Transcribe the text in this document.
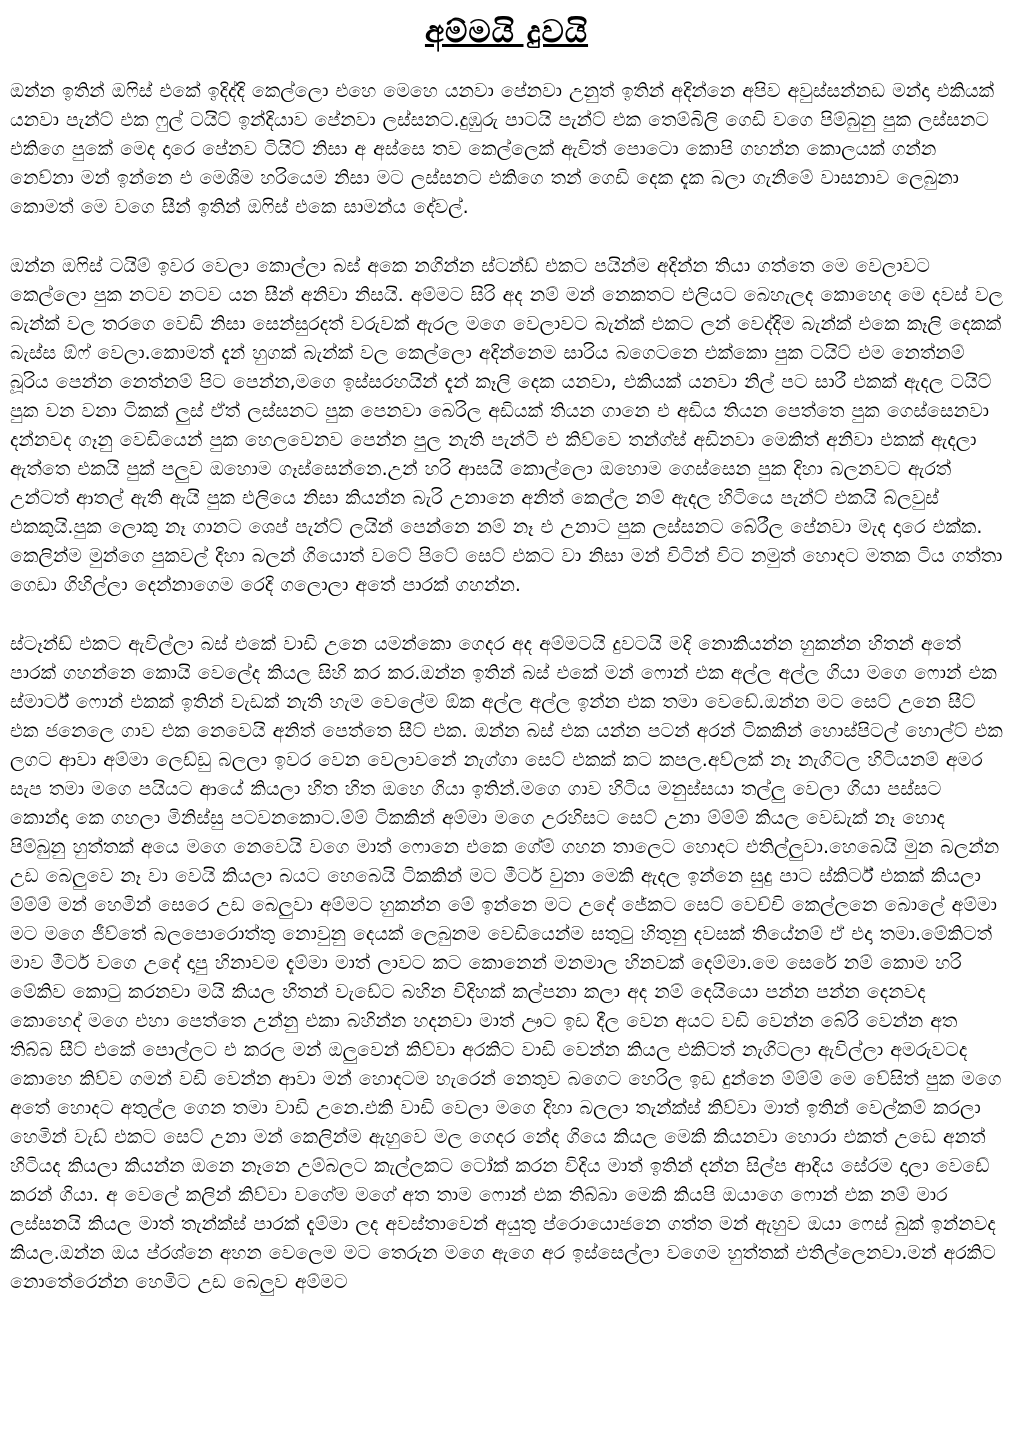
අම්මයි දුවයි

ඔන්න ඉතින් ඔෆිස් එකේ ඉදිද්දි කෙල්ලො එහෙ මෙහෙ යනවා පේනවා උනුත් ඉතින් අදින්නෙ අපිව අවුස්සන්නඩ මන්දා එකියක් යනවා පැන්ට් එක ෆුල් ටයිට් ඉන්දියාව පේනවා ලස්සනට.දුඹුරු පාටයි පැන්ට් එක තෙම්බිලි ගෙඩි වගෙ පිම්බුනු පුක ලස්සනට එකිගෙ පුකේ මෙද දාරෙ පේනව ටියිට් නිසා අ අස්සෙ තව කෙල්ලෙක් ඇවිත් පොටො කොපි ගහන්න කොලයක් ගන්න නෙව්නා මන් ඉන්නෙ එ මෙශිම හරියෙම නිසා මට ලස්සනට එකිගෙ තන් ගෙඩි දෙක දැක බලා ගැනිමේ වාසනාව ලෙබුනා කොමත් මෙ වගෙ සීන් ඉතින් ඔෆිස් එකෙ සාමන්ය දේවල්.

ඔන්න ඔෆිස් ටයිම් ඉවර වෙලා කොල්ලා බස් අකෙ නගින්න ස්ටන්ඩ් එකට පයින්ම අදින්න තියා ගත්තෙ මෙ වෙලාවට කෙල්ලො පුක නටව නටව යන සීන් අනිවා නිසයි. අම්මට සිරි අද නම් මන් නෙකතට එලියට බෙහැලද කොහෙද මෙ දවස් වල බැන්ක් වල තරගෙ වෙඩි නිසා සෙන්සුරදත් වරුවක් ඇරල මගෙ වෙලාවට බැන්ක් එකට ලන් වෙද්දිම බැන්ක් එකෙ කෑලි දෙකක් බැස්ස ඕෆ් වෙලා.කොමත් දැන් හුගක් බැන්ක් වල කෙල්ලො අදින්නෙම සාරිය බගෙටනෙ එක්කො පුක ටයිට් එම නෙත්නම් බූරිය පෙන්න නෙත්නම් පිට පෙන්න,මගෙ ඉස්සරහයින් දැන් කෑලි දෙක යනවා, එකියක් යනවා නිල් පට සාරී එකක් ඇදල ටයිට් පුක වන වනා ටිකක් ලුස් ඒත් ලස්සනට පුක පෙනවා බෙරිල අඩියක් තියන ගානෙ එ අඩිය තියන පෙත්තෙ පුක ගෙස්සෙනවා දන්නවද ගෑනු වෙඩියෙන් පුක හෙලවෙනව පෙන්න පුල නැති පැන්ටි එ කිව්වෙ තන්ග්ස් අඩිනවා මෙකිත් අනිවා එකක් ඇදලා ඇත්තෙ එකයි පුක් පලුව ඔහොම ගෑස්සෙන්නෙ.උන් හරි ආසයි කොල්ලො ඔහොම ගෙස්සෙන පුක දිහා බලනවට ඇරත් උන්ටත් ආතල් ඇති ඇයි පුක එලියෙ නිසා කියන්න බැරි උනානෙ අනිත් කෙල්ල නම් ඇදල හිටියෙ පැන්ට් එකයි බ්ලවුස් එකකුයි.පුක ලොකු නෑ ගානට ශෙප් පැන්ට් ලයින් පෙන්නෙ නම් නෑ එ උනාට පුක ලස්සනට බේරීල පේනවා මැද දාරෙ එක්ක. කෙලින්ම මුන්ගෙ පුකවල් දිහා බලන් ගියොත් වටේ පිටේ සෙට් එකට වා නිසා මන් විටින් විට නමුත් හොදට මතක ටිය ගත්තා ගෙඩා ගිහිල්ලා දෙන්නාගෙම රෙදි ගලොලා අතේ පාරක් ගහන්න.

ස්ටෑන්ඩ් එකට ඇවිල්ලා බස් එකේ වාඩි උනෙ යමන්කො ගෙදර අද අම්මටයි දුවටයි මදි නොකියන්න හුකන්න හිතන් අතේ පාරක් ගහන්නෙ කොයි වෙලේද කියල සිහි කර කර.ඔන්න ඉතින් බස් එකේ මන් ෆොන් එක අල්ල අල්ල ගියා මගෙ ෆොන් එක ස්මාර්ට් ෆොන් එකක් ඉතින් වැඩක් නැති හැම වෙලේම ඕක අල්ල අල්ල ඉන්න එක තමා වෙඩේ.ඔන්න මට සෙට් උනෙ සීට් එක ජනෙලෙ ගාව එක නෙවෙයි අනිත් පෙත්තෙ සීට් එක. ඔන්න බස් එක යන්න පටන් අරන් ටිකකින් හොස්පිටල් හොල්ට් එක ලගට ආවා අම්මා ලෙඩ්ඩු බලලා ඉවර වෙන වෙලාවනේ නැග්ගා සෙට් එකක් කට කපල.අව්ලක් නෑ නැගිටල හිටියනම් අමර සැප තමා මගෙ පයියට ආයේ කියලා හිත හිත ඔහෙ ගියා ඉතින්.මගෙ ගාව හිටිය මනුස්සයා තල්ලු වෙලා ගියා පස්සට කොන්දා කෙ ගහලා මිනිස්සු පටවනකොට.ම්ම් ටිකකින් අම්මා මගෙ උරහිසට සෙට් උනා ම්ම්ම් කියල වෙඩැක් නෑ හොද පිම්බුනු හුත්තක් අයෙ මගෙ නෙවෙයි වගෙ මාත් ෆොනෙ එකෙ ගේම් ගහන තාලෙට හොදට එතිල්ලුවා.හෙබෙයි මුන බලන්න උඩ බෙලුවෙ නෑ වා වෙයි කියලා බයට හෙබෙයි ටිකකින් මට මීටර් වුනා මෙකි ඇදල ඉන්නෙ සුදු පාට ස්කිර්ට් එකක් කියලා ම්ම්ම් මන් හෙමින් සෙරෙ උඩ බෙලුවා අම්මට හුකන්න මේ ඉන්නෙ මට උදේ ජේකට සෙට් වෙච්චි කෙල්ලනෙ බොලේ අම්මා මට මගෙ ජීව්තේ බලපොරොත්තු නොවුනු දෙයක් ලෙබුනම වෙඩියෙන්ම සතුටු හිතුනු දවසක් තියේනම් ඒ එදා තමා.මේකිටත් මාව මීටර් වගෙ උදේ දාපු හිනාවම දැම්මා මාත් ලාවට කට කොනෙන් මනමාල හිනවක් දෙම්මා.මෙ සෙරේ නම් කොම හරි මේකිව කොටු කරනවා මයි කියල හිතන් වැඩේට බහින විදිහක් කල්පනා කලා අද නම් දෙයියො පන්න පන්න දෙනවද කොහෙද් මගෙ එහා පෙත්තෙ උන්නු එකා බහින්න හදනවා මාත් ඌට ඉඩ දීල වෙන අයට වඩි වෙන්න බේරි වෙන්න අත තිබ්බ සීට් එකේ පොල්ලට එ කරල මන් ඔලුවෙන් කිව්වා අරකිට වාඩි වෙන්න කියල එකිටත් නැගිටලා ඇවිල්ලා අමරුවටද කොහෙ කිව්ව ගමන් වඩි වෙන්න ආවා මන් හොදටම හැරෙන් නෙතුව බගෙට හෙරිල ඉඩ දුන්නෙ ම්ම්ම් මෙ වේසිත් පුක මගෙ අතේ හොදට අතුල්ල ගෙන තමා වාඩි උනෙ.එකි වාඩි වෙලා මගෙ දිහා බලලා තැන්ක්ස් කිව්වා මාත් ඉතින් වෙල්කම් කරලා හෙමින් වැඩ් එකට සෙට් උනා මන් කෙලින්ම ඇහුවෙ මල ගෙදර නේද ගියෙ කියල මෙකි කියනවා හොරා එකත් උඩෙ අනත් හිටියද කියලා කියන්න ඔනෙ නෑනෙ උම්බලට කැල්ලකට ටෝක් කරන විදිය මාත් ඉතින් දන්න සිල්ප ආදිය සේරම දාලා වෙඩේ කරන් ගියා. අ වෙලේ කලින් කිව්වා වගේම මගේ අත තාම ෆොන් එක තිබ්බා මෙකි කියපි ඔයාගෙ ෆොන් එක නම් මාර ලස්සනයි කියල මාත් තැන්ක්ස් පාරක් දැම්මා ලද අවස්තාවෙන් අයුතු ප්රොයොජනෙ ගත්ත මන් ඇහුව ඔයා ෆෙස් බුක් ඉන්නවද කියල.ඔන්න ඔය ප්රශ්නෙ අහන වෙලෙම මට තෙරුන මගෙ ඇගෙ අර ඉස්සෙල්ලා වගෙම හුත්තක් එතිල්ලෙනවා.මන් අරකිට නොතේරෙන්න හෙමිට උඩ බෙලුව අම්මට
